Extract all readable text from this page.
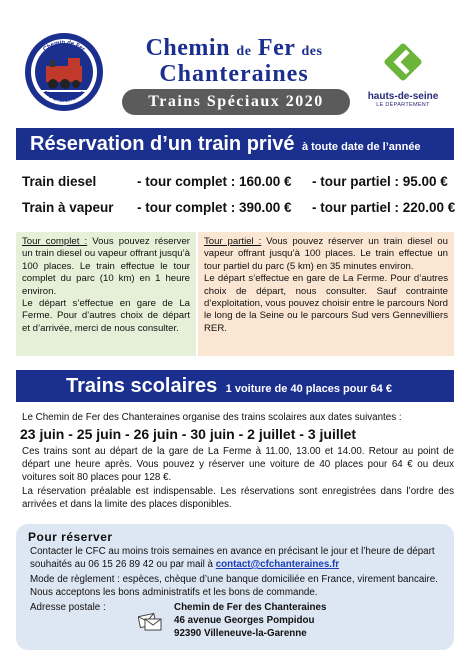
Chemin de Fer
des Chanteraines
Chemin de Fer des
Chanteraines
Trains Spéciaux 2020	hauts-de-seine
LE DÉPARTEMENT
Réservation d’un train privé à toute date de l’année
Train diesel	- tour complet : 160.00 € - tour partiel : 95.00 €
Train à vapeur - tour complet : 390.00 € - tour partiel : 220.00 €

Tour complet : Vous pouvez réserver un train diesel ou vapeur offrant jusqu’à 100 places. Le train effectue le tour complet du parc (10 km) en 1 heure environ.

Le départ s’effectue en gare de La Ferme. Pour d’autres choix de départ et d’arrivée, merci de nous consulter.

Tour partiel : Vous pouvez réserver un train diesel ou vapeur offrant jusqu’à 100 places. Le train effectue un tour partiel du parc (5 km) en 35 minutes environ.

Le départ s’effectue en gare de La Ferme. Pour d’autres choix de départ, nous consulter. Sauf contrainte d’exploitation, vous pouvez choisir entre le parcours Nord le long de la Seine ou le parcours Sud vers Gennevilliers RER.

Trains scolaires 1 voiture de 40 places pour 64 €
Le Chemin de Fer des Chanteraines organise des trains scolaires aux dates suivantes :
23 juin - 25 juin - 26 juin - 30 juin - 2 juillet - 3 juillet
Ces trains sont au départ de la gare de La Ferme à 11.00, 13.00 et 14.00. Retour au point de départ une heure après. Vous pouvez y réserver une voiture de 40 places pour 64 € ou deux voitures soit 80 places pour 128 €.
La réservation préalable est indispensable. Les réservations sont enregistrées dans l’ordre des arrivées et dans la limite des places disponibles.
Pour réserver
Contacter le CFC au moins trois semaines en avance en précisant le jour et l’heure de départ souhaités au 06 15 26 89 42 ou par mail à contact@cfchanteraines.fr
Mode de règlement : espèces, chèque d’une banque domiciliée en France, virement bancaire. Nous acceptons les bons administratifs et les bons de commande.
Adresse postale :	Chemin de Fer des Chanteraines
46 avenue Georges Pompidou
92390 Villeneuve-la-Garenne
